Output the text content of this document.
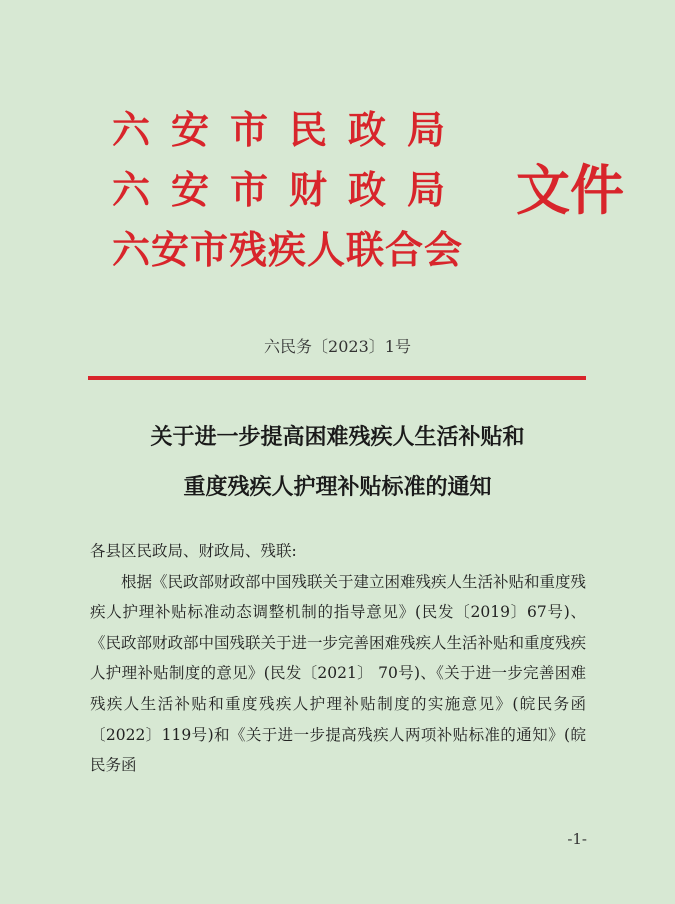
六安市民政局
六安市财政局
六安市残疾人联合会
文件
六民务〔2023〕1号
关于进一步提高困难残疾人生活补贴和
重度残疾人护理补贴标准的通知

各县区民政局、财政局、残联:

根据《民政部财政部中国残联关于建立困难残疾人生活补贴和重度残疾人护理补贴标准动态调整机制的指导意见》(民发〔2019〕67号)、《民政部财政部中国残联关于进一步完善困难残疾人生活补贴和重度残疾人护理补贴制度的意见》(民发〔2021〕 70号)、《关于进一步完善困难残疾人生活补贴和重度残疾人护理补贴制度的实施意见》(皖民务函〔2022〕119号)和《关于进一步提高残疾人两项补贴标准的通知》(皖民务函

-1-
